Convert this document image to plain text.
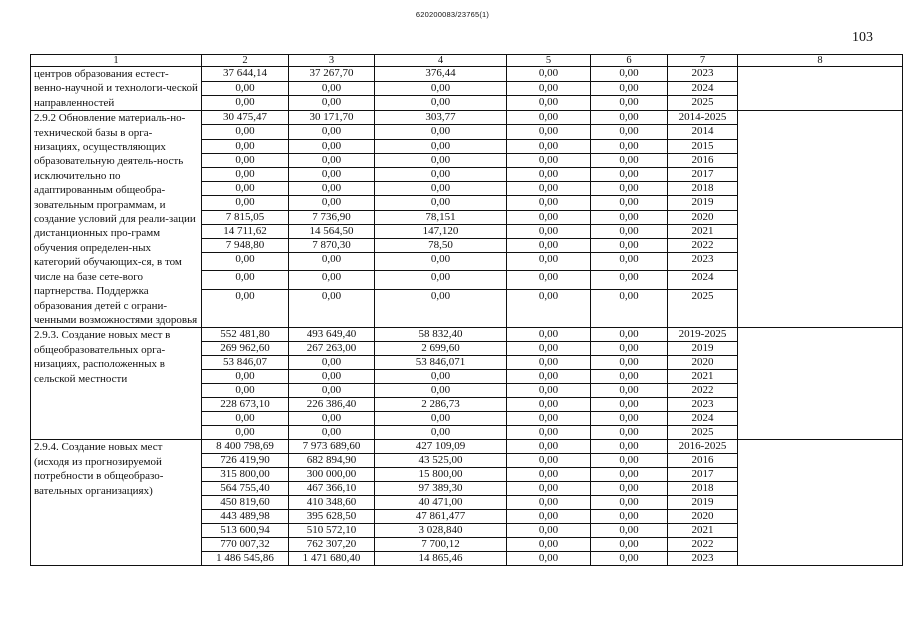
620200083/23765(1)
103
1	2	3	4	5	6	7	8
центров образования естест-венно-научной и технологи-ческой направленностей	37 644,14	37 267,70	376,44	0,00	0,00	2023	
	0,00	0,00	0,00	0,00	0,00	2024	
	0,00	0,00	0,00	0,00	0,00	2025	
2.9.2 Обновление материаль-но-технической базы в орга-низациях, осуществляющих образовательную деятель-ность исключительно по адаптированным общеобра-зовательным программам, и создание условий для реали-зации дистанционных про-грамм обучения определен-ных категорий обучающих-ся, в том числе на базе сете-вого партнерства. Поддержка образования детей с ограни-ченными возможностями здоровья	30 475,47	30 171,70	303,77	0,00	0,00	2014-2025	
	0,00	0,00	0,00	0,00	0,00	2014	
	0,00	0,00	0,00	0,00	0,00	2015	
	0,00	0,00	0,00	0,00	0,00	2016	
	0,00	0,00	0,00	0,00	0,00	2017	
	0,00	0,00	0,00	0,00	0,00	2018	
	0,00	0,00	0,00	0,00	0,00	2019	
	7 815,05	7 736,90	78,151	0,00	0,00	2020	
	14 711,62	14 564,50	147,120	0,00	0,00	2021	
	7 948,80	7 870,30	78,50	0,00	0,00	2022	
	0,00	0,00	0,00	0,00	0,00	2023	
	0,00	0,00	0,00	0,00	0,00	2024	
	0,00	0,00	0,00	0,00	0,00	2025	
2.9.3. Создание новых мест в общеобразовательных орга-низациях, расположенных в сельской местности	552 481,80	493 649,40	58 832,40	0,00	0,00	2019-2025	
	269 962,60	267 263,00	2 699,60	0,00	0,00	2019	
	53 846,07	0,00	53 846,071	0,00	0,00	2020	
	0,00	0,00	0,00	0,00	0,00	2021	
	0,00	0,00	0,00	0,00	0,00	2022	
	228 673,10	226 386,40	2 286,73	0,00	0,00	2023	
	0,00	0,00	0,00	0,00	0,00	2024	
	0,00	0,00	0,00	0,00	0,00	2025	
2.9.4. Создание новых мест (исходя из прогнозируемой потребности в общеобразо-вательных организациях)	8 400 798,69	7 973 689,60	427 109,09	0,00	0,00	2016-2025	
	726 419,90	682 894,90	43 525,00	0,00	0,00	2016	
	315 800,00	300 000,00	15 800,00	0,00	0,00	2017	
	564 755,40	467 366,10	97 389,30	0,00	0,00	2018	
	450 819,60	410 348,60	40 471,00	0,00	0,00	2019	
	443 489,98	395 628,50	47 861,477	0,00	0,00	2020	
	513 600,94	510 572,10	3 028,840	0,00	0,00	2021	
	770 007,32	762 307,20	7 700,12	0,00	0,00	2022	
	1 486 545,86	1 471 680,40	14 865,46	0,00	0,00	2023	
